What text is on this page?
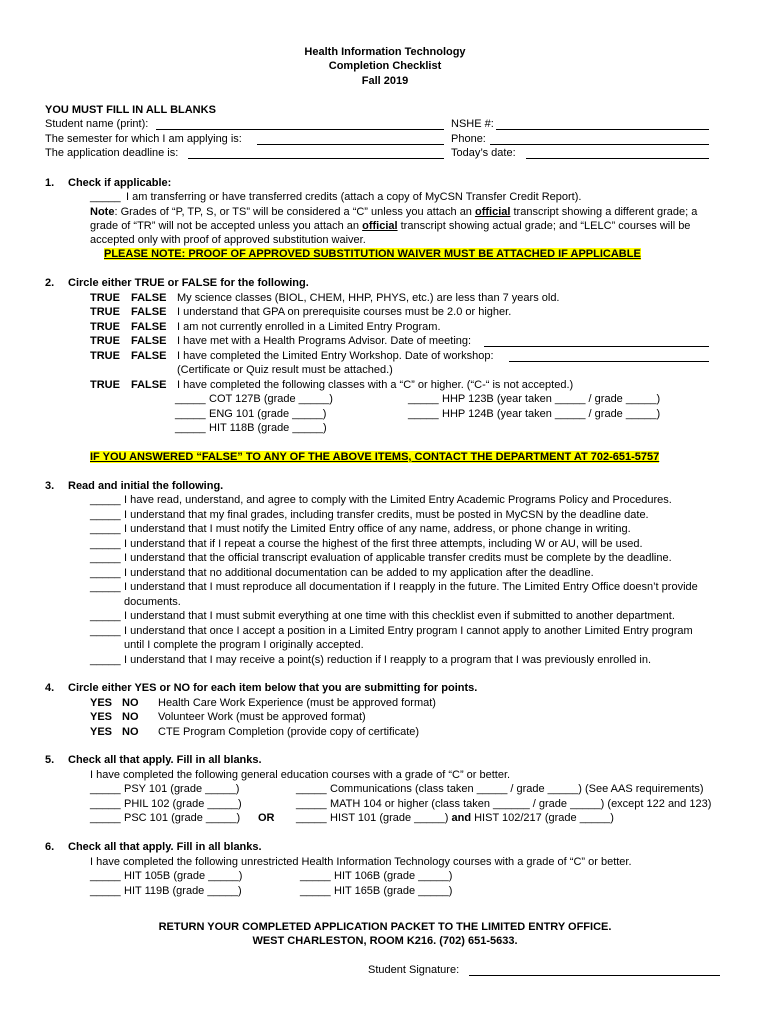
Health Information Technology
Completion Checklist
Fall 2019
YOU MUST FILL IN ALL BLANKS
Student name (print):
The semester for which I am applying is:
The application deadline is:
NSHE #:
Phone:
Today’s date:
1. Check if applicable:
_____ I am transferring or have transferred credits (attach a copy of MyCSN Transfer Credit Report).
Note: Grades of “P, TP, S, or TS” will be considered a “C” unless you attach an official transcript showing a different grade; a
grade of “TR” will not be accepted unless you attach an official transcript showing actual grade; and “LELC” courses will be
accepted only with proof of approved substitution waiver.
PLEASE NOTE: PROOF OF APPROVED SUBSTITUTION WAIVER MUST BE ATTACHED IF APPLICABLE
2. Circle either TRUE or FALSE for the following.
TRUE FALSE My science classes (BIOL, CHEM, HHP, PHYS, etc.) are less than 7 years old.
TRUE FALSE I understand that GPA on prerequisite courses must be 2.0 or higher.
TRUE FALSE I am not currently enrolled in a Limited Entry Program.
TRUE FALSE I have met with a Health Programs Advisor. Date of meeting:
TRUE FALSE I have completed the Limited Entry Workshop. Date of workshop:
(Certificate or Quiz result must be attached.)
TRUE FALSE I have completed the following classes with a “C” or higher. (“C-“ is not accepted.)
_____ COT 127B (grade _____)
_____ ENG 101 (grade _____)
_____ HIT 118B (grade _____)
_____ HHP 123B (year taken _____ / grade _____)
_____ HHP 124B (year taken _____ / grade _____)
IF YOU ANSWERED “FALSE” TO ANY OF THE ABOVE ITEMS, CONTACT THE DEPARTMENT AT 702-651-5757
3. Read and initial the following.
_____ I have read, understand, and agree to comply with the Limited Entry Academic Programs Policy and Procedures.
_____ I understand that my final grades, including transfer credits, must be posted in MyCSN by the deadline date.
_____ I understand that I must notify the Limited Entry office of any name, address, or phone change in writing.
_____ I understand that if I repeat a course the highest of the first three attempts, including W or AU, will be used.
_____ I understand that the official transcript evaluation of applicable transfer credits must be complete by the deadline.
_____ I understand that no additional documentation can be added to my application after the deadline.
_____ I understand that I must reproduce all documentation if I reapply in the future. The Limited Entry Office doesn’t provide
documents.
_____ I understand that I must submit everything at one time with this checklist even if submitted to another department.
_____ I understand that once I accept a position in a Limited Entry program I cannot apply to another Limited Entry program
until I complete the program I originally accepted.
_____ I understand that I may receive a point(s) reduction if I reapply to a program that I was previously enrolled in.
4. Circle either YES or NO for each item below that you are submitting for points.
YES NO Health Care Work Experience (must be approved format)
YES NO Volunteer Work (must be approved format)
YES NO CTE Program Completion (provide copy of certificate)
5. Check all that apply. Fill in all blanks.
I have completed the following general education courses with a grade of “C” or better.
_____ PSY 101 (grade _____)
_____ PHIL 102 (grade _____)
_____ PSC 101 (grade _____) OR
_____ Communications (class taken _____ / grade _____) (See AAS requirements)
_____ MATH 104 or higher (class taken ______ / grade _____) (except 122 and 123)
_____ HIST 101 (grade _____) and HIST 102/217 (grade _____)
6. Check all that apply. Fill in all blanks.
I have completed the following unrestricted Health Information Technology courses with a grade of “C” or better.
_____ HIT 105B (grade _____)
_____ HIT 119B (grade _____)
_____ HIT 106B (grade _____)
_____ HIT 165B (grade _____)
RETURN YOUR COMPLETED APPLICATION PACKET TO THE LIMITED ENTRY OFFICE.
WEST CHARLESTON, ROOM K216. (702) 651-5633.
Student Signature:
